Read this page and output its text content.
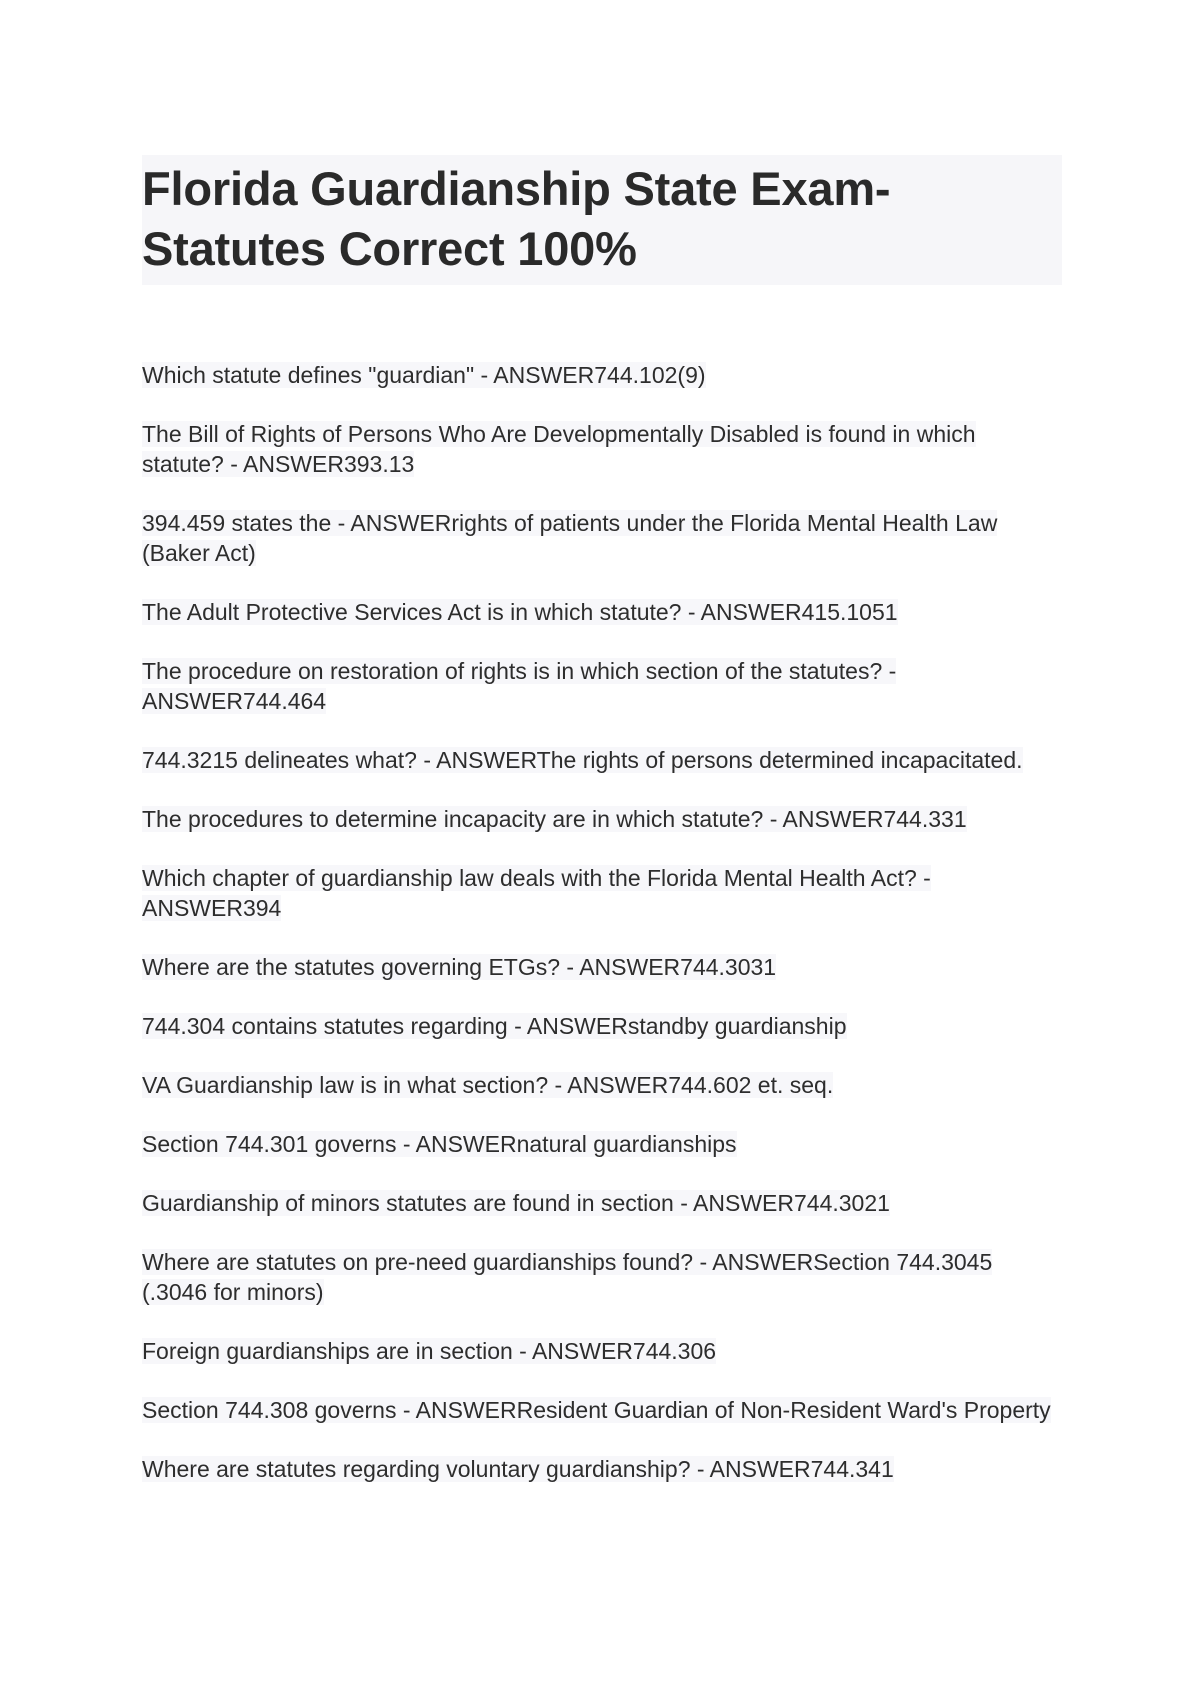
Florida Guardianship State Exam-
Statutes Correct 100%
Which statute defines "guardian" - ANSWER744.102(9)
The Bill of Rights of Persons Who Are Developmentally Disabled is found in which statute? - ANSWER393.13
394.459 states the - ANSWERrights of patients under the Florida Mental Health Law (Baker Act)
The Adult Protective Services Act is in which statute? - ANSWER415.1051
The procedure on restoration of rights is in which section of the statutes? - ANSWER744.464
744.3215 delineates what? - ANSWERThe rights of persons determined incapacitated.
The procedures to determine incapacity are in which statute? - ANSWER744.331
Which chapter of guardianship law deals with the Florida Mental Health Act? - ANSWER394
Where are the statutes governing ETGs? - ANSWER744.3031
744.304 contains statutes regarding - ANSWERstandby guardianship
VA Guardianship law is in what section? - ANSWER744.602 et. seq.
Section 744.301 governs - ANSWERnatural guardianships
Guardianship of minors statutes are found in section - ANSWER744.3021
Where are statutes on pre-need guardianships found? - ANSWERSection 744.3045 (.3046 for minors)
Foreign guardianships are in section - ANSWER744.306
Section 744.308 governs - ANSWERResident Guardian of Non-Resident Ward's Property
Where are statutes regarding voluntary guardianship? - ANSWER744.341
